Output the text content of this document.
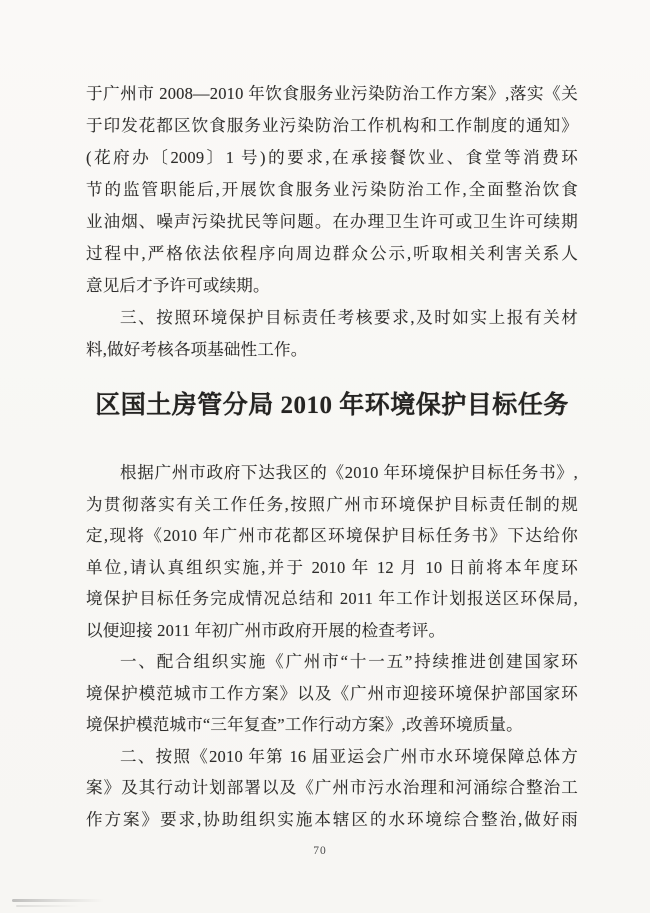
于广州市 2008—2010 年饮食服务业污染防治工作方案》,落实《关
于印发花都区饮食服务业污染防治工作机构和工作制度的通知》
(花府办〔2009〕1 号)的要求,在承接餐饮业、食堂等消费环
节的监管职能后,开展饮食服务业污染防治工作,全面整治饮食
业油烟、噪声污染扰民等问题。在办理卫生许可或卫生许可续期
过程中,严格依法依程序向周边群众公示,听取相关利害关系人
意见后才予许可或续期。
三、按照环境保护目标责任考核要求,及时如实上报有关材
料,做好考核各项基础性工作。
区国土房管分局 2010 年环境保护目标任务
根据广州市政府下达我区的《2010 年环境保护目标任务书》,
为贯彻落实有关工作任务,按照广州市环境保护目标责任制的规
定,现将《2010 年广州市花都区环境保护目标任务书》下达给你
单位,请认真组织实施,并于 2010 年 12 月 10 日前将本年度环
境保护目标任务完成情况总结和 2011 年工作计划报送区环保局,
以便迎接 2011 年初广州市政府开展的检查考评。
一、配合组织实施《广州市“十一五”持续推进创建国家环
境保护模范城市工作方案》以及《广州市迎接环境保护部国家环
境保护模范城市“三年复查”工作行动方案》,改善环境质量。
二、按照《2010 年第 16 届亚运会广州市水环境保障总体方
案》及其行动计划部署以及《广州市污水治理和河涌综合整治工
作方案》要求,协助组织实施本辖区的水环境综合整治,做好雨
70
